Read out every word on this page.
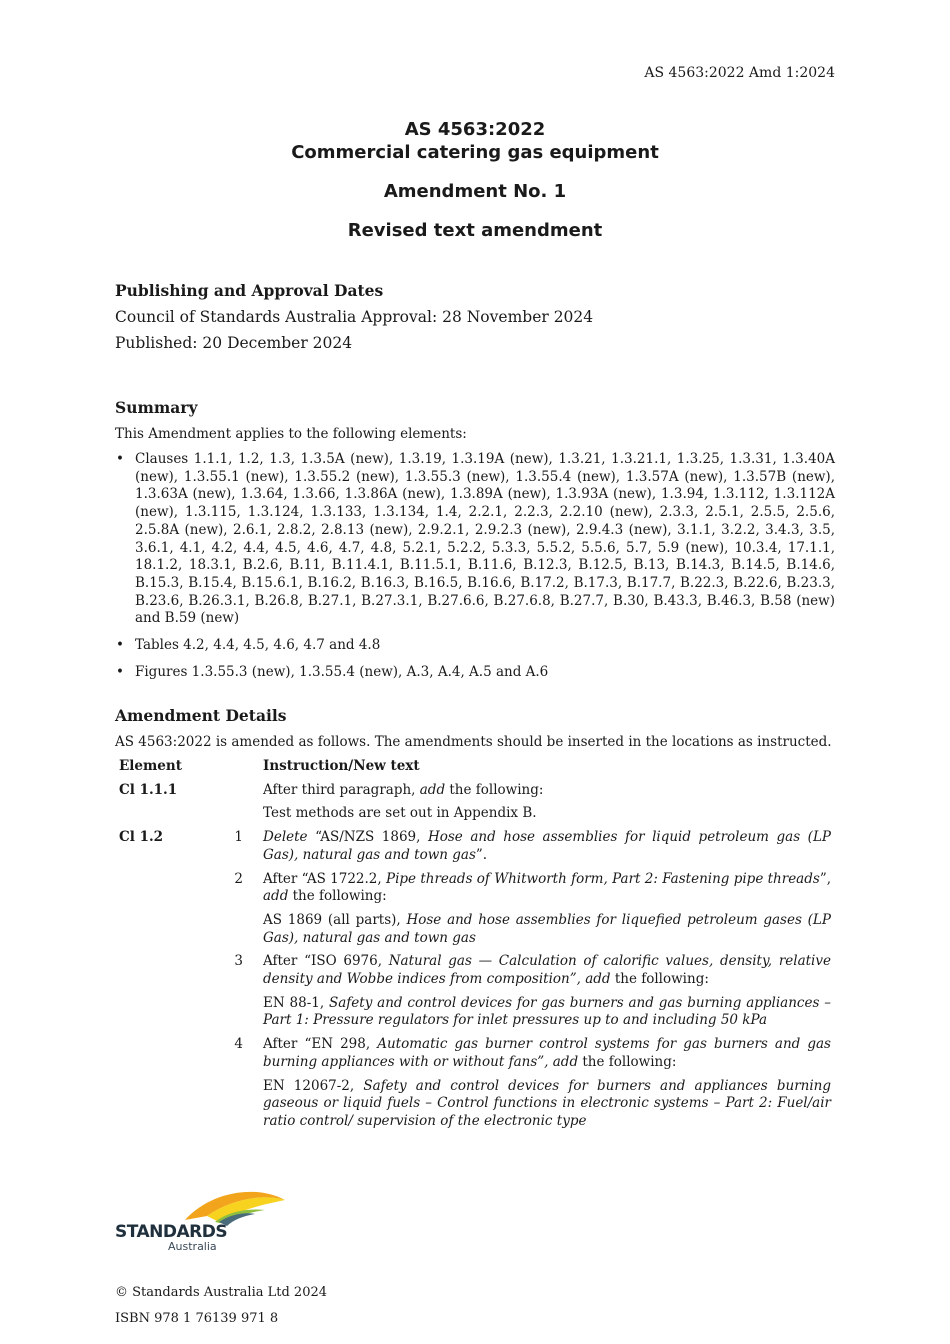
AS 4563:2022 Amd 1:2024
AS 4563:2022
Commercial catering gas equipment
Amendment No. 1
Revised text amendment
Publishing and Approval Dates
Council of Standards Australia Approval: 28 November 2024
Published: 20 December 2024
Summary
This Amendment applies to the following elements:
• Clauses 1.1.1, 1.2, 1.3, 1.3.5A (new), 1.3.19, 1.3.19A (new), 1.3.21, 1.3.21.1, 1.3.25, 1.3.31, 1.3.40A (new), 1.3.55.1 (new), 1.3.55.2 (new), 1.3.55.3 (new), 1.3.55.4 (new), 1.3.57A (new), 1.3.57B (new), 1.3.63A (new), 1.3.64, 1.3.66, 1.3.86A (new), 1.3.89A (new), 1.3.93A (new), 1.3.94, 1.3.112, 1.3.112A (new), 1.3.115, 1.3.124, 1.3.133, 1.3.134, 1.4, 2.2.1, 2.2.3, 2.2.10 (new), 2.3.3, 2.5.1, 2.5.5, 2.5.6, 2.5.8A (new), 2.6.1, 2.8.2, 2.8.13 (new), 2.9.2.1, 2.9.2.3 (new), 2.9.4.3 (new), 3.1.1, 3.2.2, 3.4.3, 3.5, 3.6.1, 4.1, 4.2, 4.4, 4.5, 4.6, 4.7, 4.8, 5.2.1, 5.2.2, 5.3.3, 5.5.2, 5.5.6, 5.7, 5.9 (new), 10.3.4, 17.1.1, 18.1.2, 18.3.1, B.2.6, B.11, B.11.4.1, B.11.5.1, B.11.6, B.12.3, B.12.5, B.13, B.14.3, B.14.5, B.14.6, B.15.3, B.15.4, B.15.6.1, B.16.2, B.16.3, B.16.5, B.16.6, B.17.2, B.17.3, B.17.7, B.22.3, B.22.6, B.23.3, B.23.6, B.26.3.1, B.26.8, B.27.1, B.27.3.1, B.27.6.6, B.27.6.8, B.27.7, B.30, B.43.3, B.46.3, B.58 (new) and B.59 (new)
• Tables 4.2, 4.4, 4.5, 4.6, 4.7 and 4.8
• Figures 1.3.55.3 (new), 1.3.55.4 (new), A.3, A.4, A.5 and A.6
Amendment Details
AS 4563:2022 is amended as follows. The amendments should be inserted in the locations as instructed.
Element		Instruction/New text
Cl 1.1.1		After third paragraph, add the following:
		Test methods are set out in Appendix B.
Cl 1.2	1	Delete “AS/NZS 1869, Hose and hose assemblies for liquid petroleum gas (LP Gas), natural gas and town gas”.
	2	After “AS 1722.2, Pipe threads of Whitworth form, Part 2: Fastening pipe threads”, add the following:
		AS 1869 (all parts), Hose and hose assemblies for liquefied petroleum gases (LP Gas), natural gas and town gas
	3	After “ISO 6976, Natural gas — Calculation of calorific values, density, relative density and Wobbe indices from composition”, add the following:
		EN 88-1, Safety and control devices for gas burners and gas burning appliances – Part 1: Pressure regulators for inlet pressures up to and including 50 kPa
	4	After “EN 298, Automatic gas burner control systems for gas burners and gas burning appliances with or without fans”, add the following:
		EN 12067-2, Safety and control devices for burners and appliances burning gaseous or liquid fuels – Control functions in electronic systems – Part 2: Fuel/air ratio control/ supervision of the electronic type
STANDARDS
Australia
© Standards Australia Ltd 2024
ISBN 978 1 76139 971 8
